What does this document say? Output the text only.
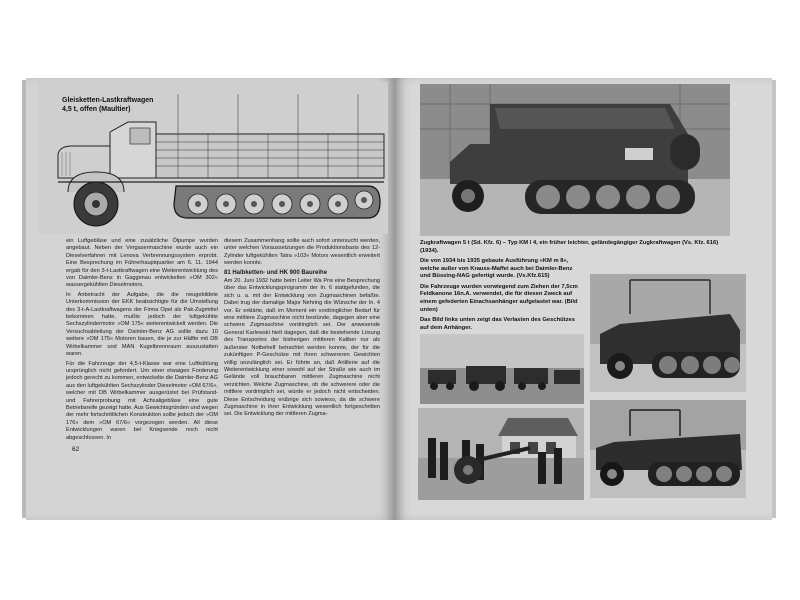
Gleisketten-Lastkraftwagen
4,5 t, offen (Maultier)

ein Luftgebläse und eine zusätzliche Ölpumpe wurden angebaut. Neben der Vergasermaschine wurde auch ein Dieselverfahren mit Lenova Verbrennungssystem erprobt. Eine Besprechung im Führerhauptquartier am 6. 11. 1944 ergab für den 3-t-Lastkraftwagen eine Weiterentwicklung des von Daimler-Benz in Gaggenau entwickelten »OM 302« wassergekühlten Dieselmotors.

In Anbetracht der Aufgabe, die die neugebildete Unterkommission der EKK beabsichtigte für die Umstellung des 3-t-A-Lastkraftwagens der Firma Opel als Pak-Zugmittel bekommen hatte, mußte jedoch der luftgekühlte Sechszylindermotor »OM 175« weiterentwickelt werden. Die Versuchsabteilung der Daimler-Benz AG sollte dazu 10 weitere »OM 175« Motoren bauen, die je zur Hälfte mit DB Wirbelkammer und MAN Kugelbrennraum auszustatten waren.

Für die Fahrzeuge der 4,5-t-Klasse war eine Luftkühlung ursprünglich nicht gefordert. Um einer etwaigen Forderung jedoch gerecht zu kommen, entwickelte die Daimler-Benz AG aus den luftgekühlten Sechszylinder Dieselmotor »OM 67/6«, welcher mit DB Wirbelkammer ausgerüstet bei Prüfstand- und Fahrerprobung mit Achsaligebläse eine gute Betriebsreife gezeigt hatte. Aus Gewichtsgründen und wegen der mehr fortschrittlichen Konstruktion sollte jedoch der »OM 176« dem »OM 67/6« vorgezogen werden. All diese Entwicklungen waren bei Kriegsende noch nicht abgeschlossen. In

diesem Zusammenhang sollte auch sofort untersucht werden, unter welchen Voraussetzungen die Produktionsbasis des 12-Zylinder luftgekühlten Tatra »103« Motors wesentlich erweitert werden konnte.

81 Halbketten- und HK 900 Baureihe

Am 20. Juni 1932 hatte beim Leiter Wa Prw eine Besprechung über das Entwicklungsprogramm der In. 6 stattgefunden, die sich u. a. mit der Entwicklung von Zugmaschinen befaßte. Dabei trug der damalige Major Nehring die Wünsche der In. 4 vor. Er erklärte, daß im Moment ein vordringlicher Bedarf für eine mittlere Zugmaschine nicht bestünde, dagegen aber eine schwere Zugmaschine vordringlich sei. Der anwesende General Karlewski hielt dagegen, daß die bestehende Lösung des Transportes der bisherigen mittleren Kaliber nur als äußerster Notbehelf betrachtet werden konnte, der für die zukünftigen P-Geschütze mit ihren schwereren Gewichten völlig unzulänglich sei. Er führte an, daß Artillerie auf die Weiterentwicklung einer sowohl auf der Straße wie auch im Gelände voll brauchbaren mittleren Zugmaschine nicht verzichten. Welche Zugmaschine, ob die schwerere oder die mittlere vordringlich sei, würde er jedoch nicht entscheiden. Diese Entscheidung erübrige sich sowieso, da die schwere Zugmaschine in ihrer Entwicklung wesentlich fortgeschritten sei. Die Entwicklung der mittleren Zugma-

62

Zugkraftwagen 5 t (Sd. Kfz. 6) – Typ KM l 4, ein früher leichter, geländegängiger Zugkraftwagen (Vs. Kfz. 616) (1934).

Die von 1934 bis 1935 gebaute Ausführung »KM m 8«, welche außer von Krauss-Maffei auch bei Daimler-Benz und Büssing-NAG gefertigt wurde. (Vs.Kfz.615)

Die Fahrzeuge wurden vorwiegend zum Ziehen der 7,5cm Feldkanone 16n.A. verwendet, die für diesen Zweck auf einem gefederten Einachsanhänger aufgelastet war. (Bild unten)

Das Bild links unten zeigt das Verlasten des Geschützes auf dem Anhänger.
